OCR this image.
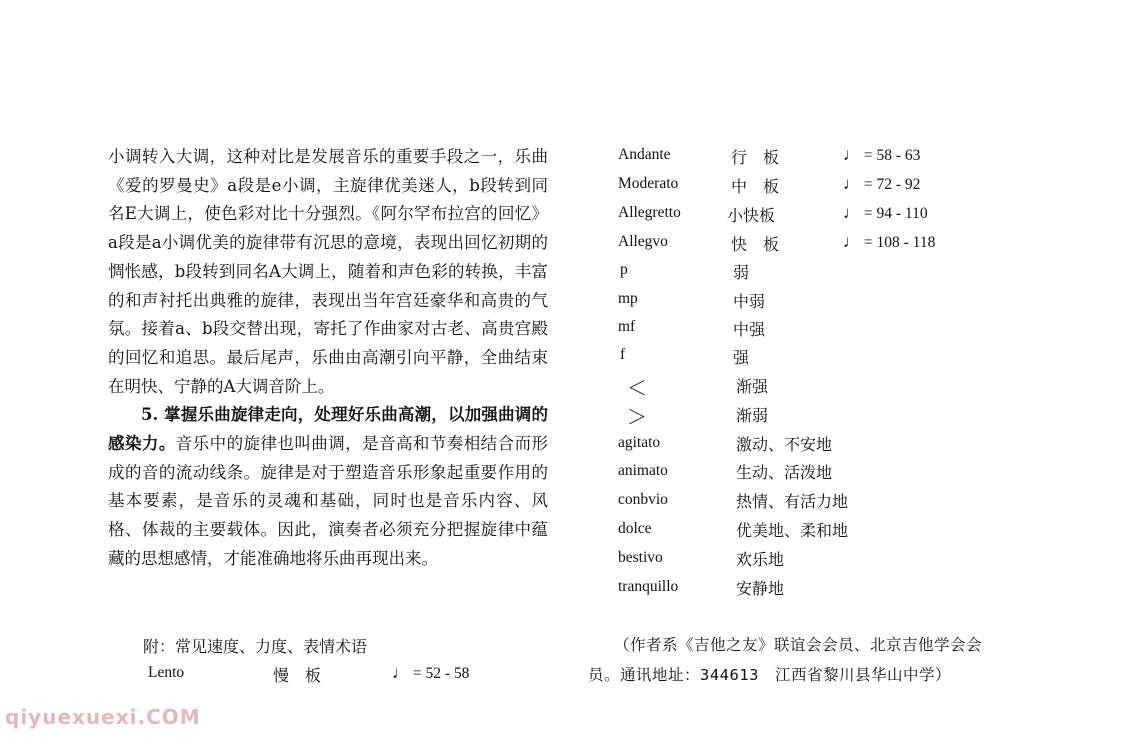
小调转入大调，这种对比是发展音乐的重要手段之一，乐曲《爱的罗曼史》a段是e小调，主旋律优美迷人，b段转到同名E大调上，使色彩对比十分强烈。《阿尔罕布拉宫的回忆》a段是a小调优美的旋律带有沉思的意境，表现出回忆初期的惆怅感，b段转到同名A大调上，随着和声色彩的转换，丰富的和声衬托出典雅的旋律，表现出当年宫廷豪华和高贵的气氛。接着a、b段交替出现，寄托了作曲家对古老、高贵宫殿的回忆和追思。最后尾声，乐曲由高潮引向平静，全曲结束在明快、宁静的A大调音阶上。

5. 掌握乐曲旋律走向，处理好乐曲高潮，以加强曲调的感染力。音乐中的旋律也叫曲调，是音高和节奏相结合而形成的音的流动线条。旋律是对于塑造音乐形象起重要作用的基本要素，是音乐的灵魂和基础，同时也是音乐内容、风格、体裁的主要载体。因此，演奏者必须充分把握旋律中蕴藏的思想感情，才能准确地将乐曲再现出来。

附：常见速度、力度、表情术语
Lento	慢　板	♩ = 52 - 58
Andante	行　板	♩ = 58 - 63
Moderato	中　板	♩ = 72 - 92
Allegretto	小快板	♩ = 94 - 110
Allegvo	快　板	♩ = 108 - 118
p	弱
mp	中弱
mf	中强
f	强
＜	渐强
＞	渐弱
agitato	激动、不安地
animato	生动、活泼地
conbvio	热情、有活力地
dolce	优美地、柔和地
bestivo	欢乐地
tranquillo	安静地
（作者系《吉他之友》联谊会会员、北京吉他学会会
员。通讯地址：344613　江西省黎川县华山中学）
qiyuexuexi.COM
